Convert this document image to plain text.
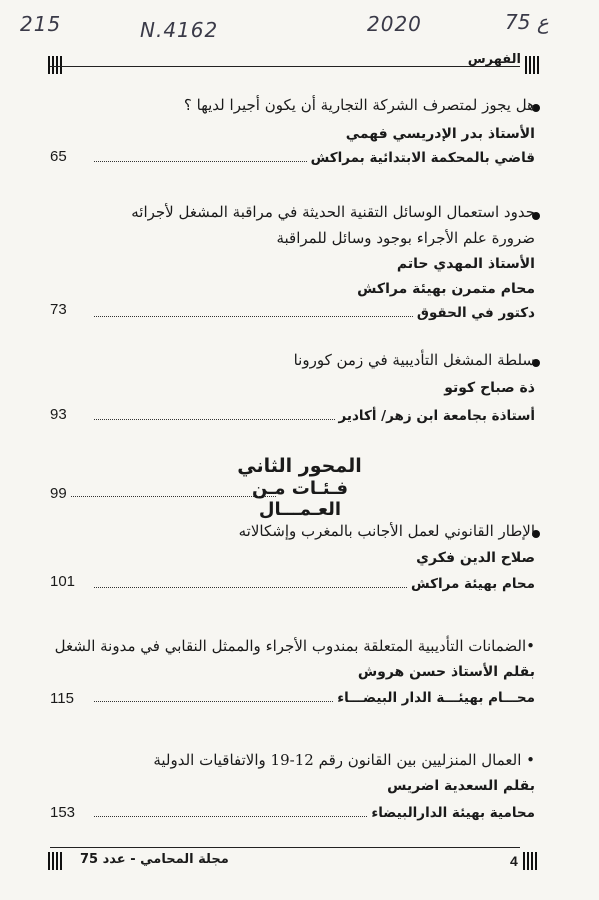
215	N.4162	2020	75 ع
الفهرس
هل يجوز لمتصرف الشركة التجارية أن يكون أجيرا لديها ؟
الأستاذ بدر الإدريسي فهمي
قاضي بالمحكمة الابتدائية بمراكش
65
حدود استعمال الوسائل التقنية الحديثة في مراقبة المشغل لأجرائه
ضرورة علم الأجراء بوجود وسائل للمراقبة
الأستاذ المهدي حاتم
محام متمرن بهيئة مراكش
دكتور في الحقوق
73
سلطة المشغل التأديبية في زمن كورونا
ذة صباح كوتو
أستاذة بجامعة ابن زهر/ أكادير
93
المحور الثاني
99	فـئـات مـن العـمـــال
الإطار القانوني لعمل الأجانب بالمغرب وإشكالاته
صلاح الدين فكري
محام بهيئة مراكش
101
•الضمانات التأديبية المتعلقة بمندوب الأجراء والممثل النقابي في مدونة الشغل
بقلم الأستاذ حسن هروش
محـــام بهيئـــة الدار البيضـــاء
115
• العمال المنزليين بين القانون رقم 12-19 والاتفاقيات الدولية
بقلم السعدية اضريس
محامية بهيئة الدارالبيضاء
153
مجلة المحامي - عدد 75	4
